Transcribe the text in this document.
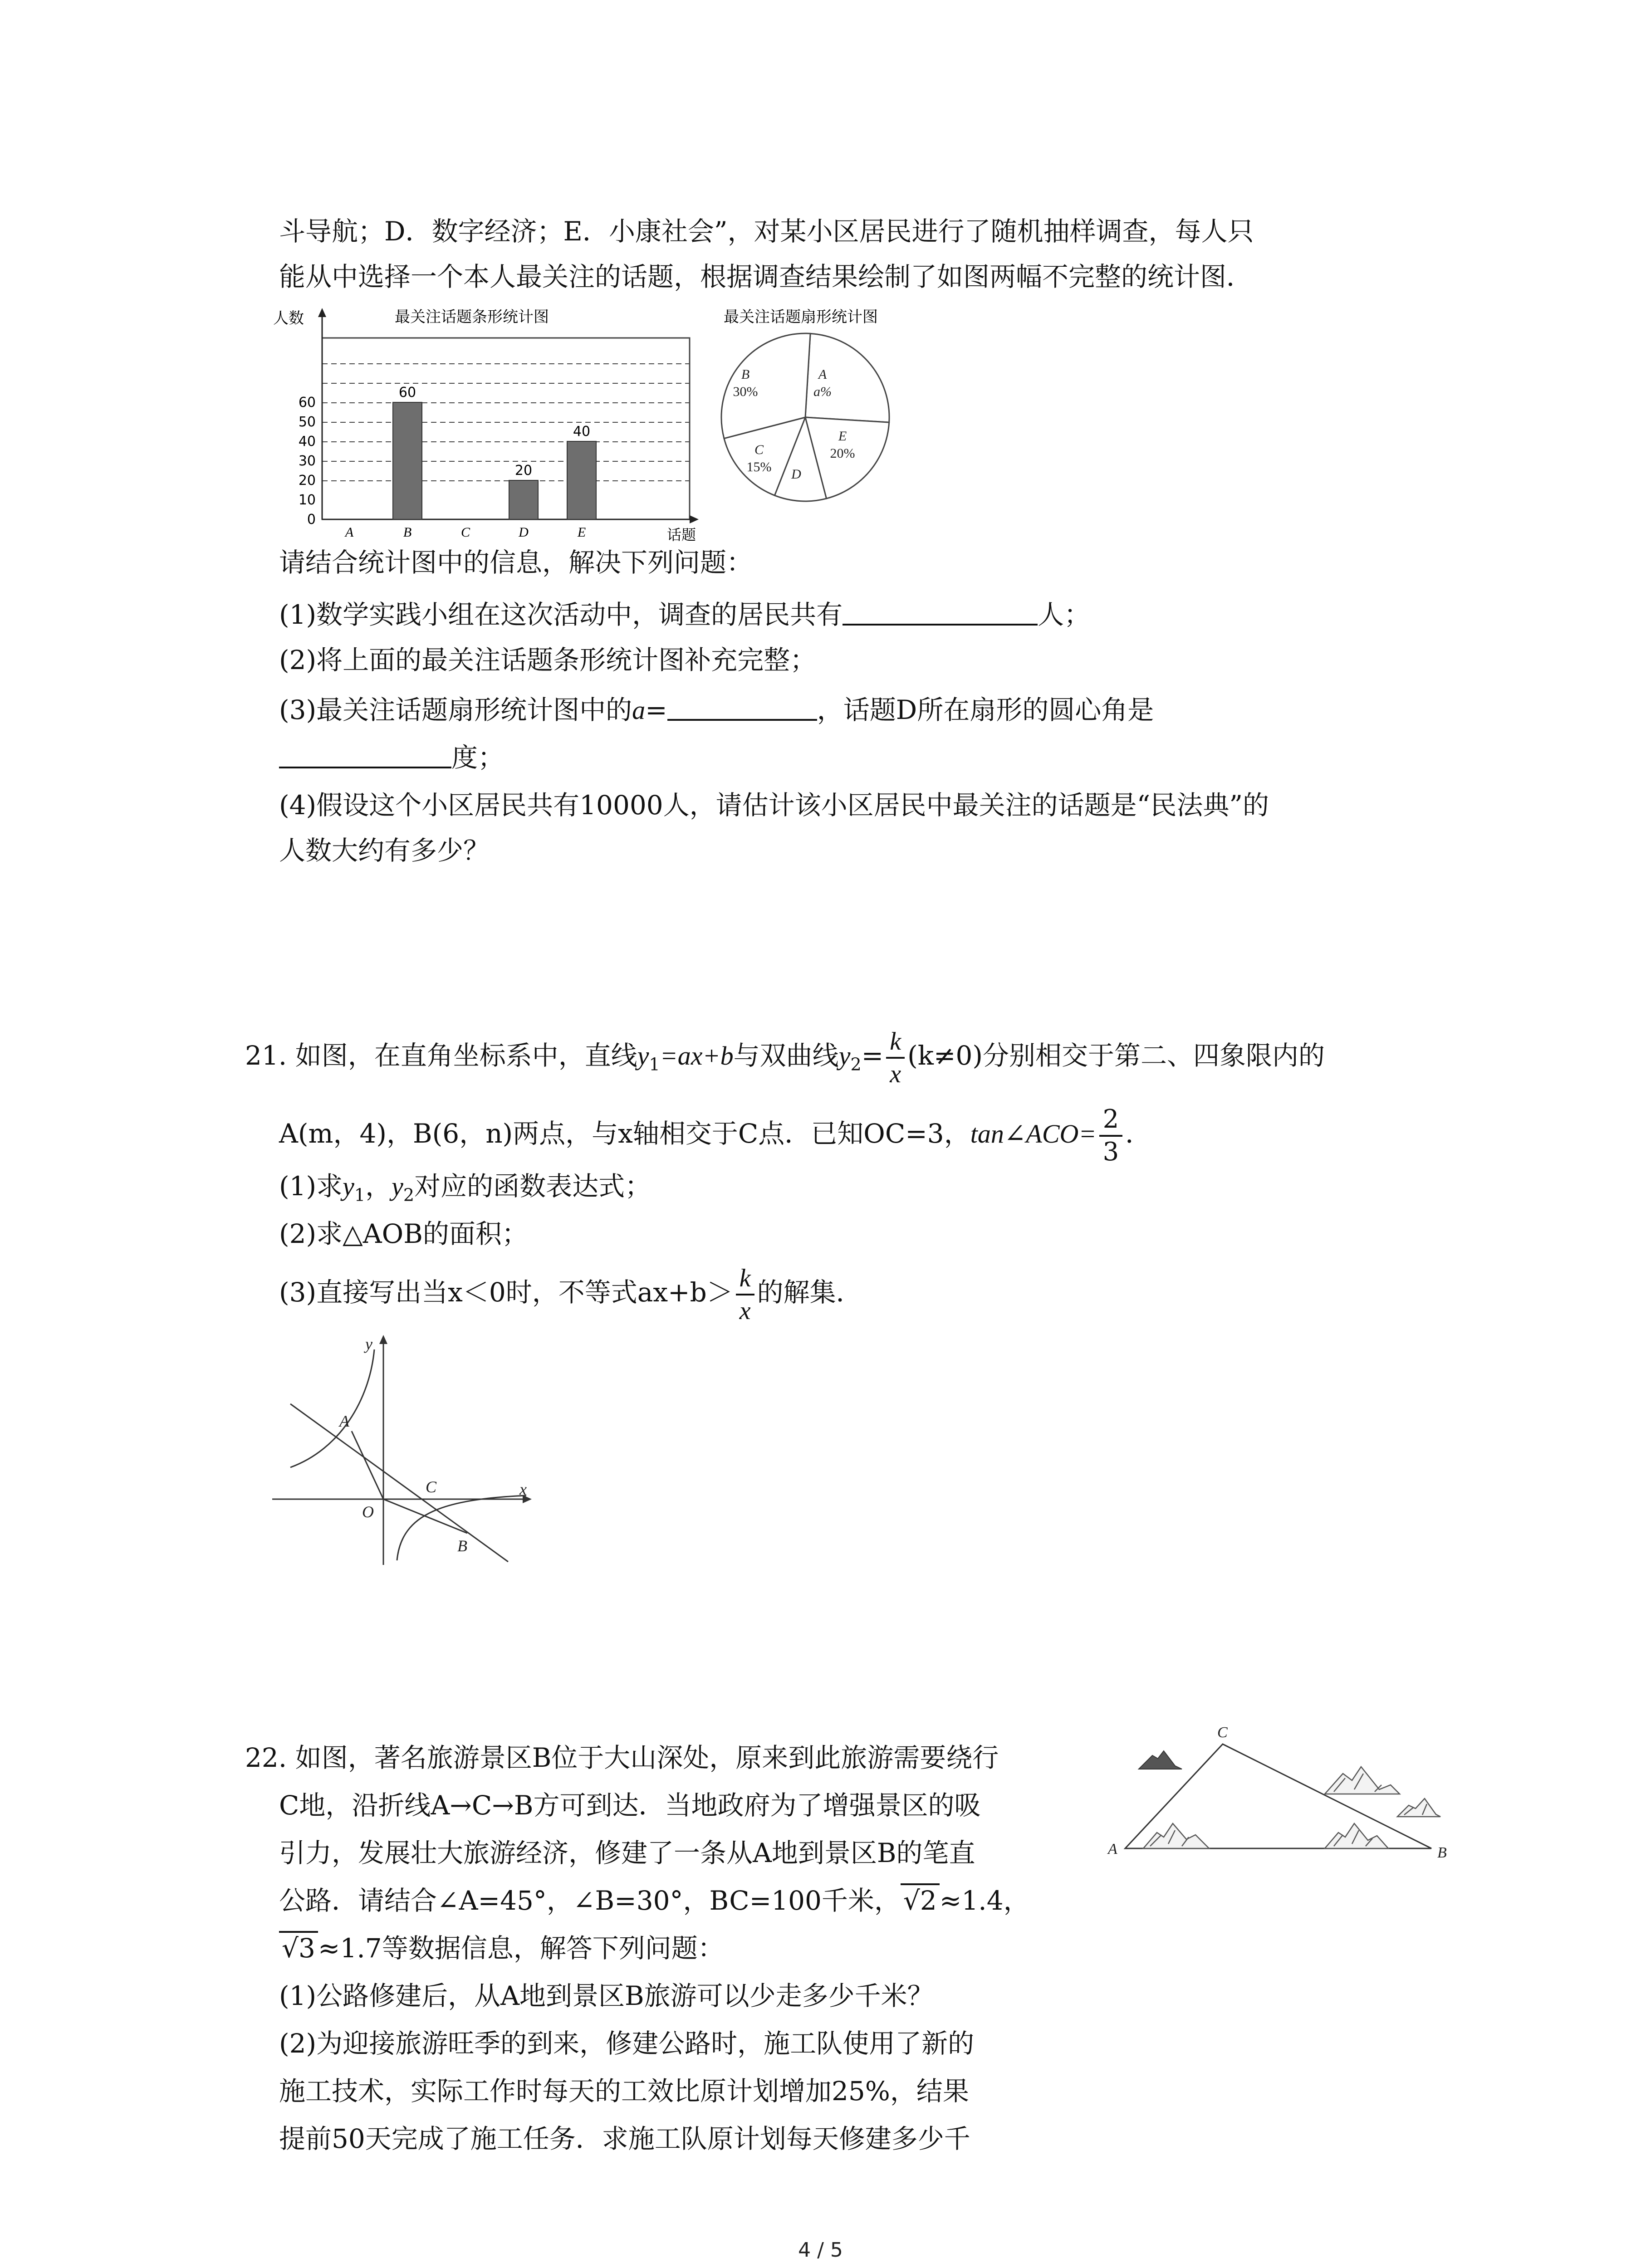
斗导航；D．数字经济；E．小康社会”，对某小区居民进行了随机抽样调查，每人只
能从中选择一个本人最关注的话题，根据调查结果绘制了如图两幅不完整的统计图．
最关注话题条形统计图
人数
0
10
20
30
40
50
60
A	B
60
C	D
20
E
40
话题
最关注话题扇形统计图
A
a%
B
30%
C
15% D
E
20%
请结合统计图中的信息，解决下列问题：
(1)数学实践小组在这次活动中，调查的居民共有	人；
(2)将上面的最关注话题条形统计图补充完整；
(3)最关注话题扇形统计图中的a=	，话题D所在扇形的圆心角是
度；
(4)假设这个小区居民共有10000人，请估计该小区居民中最关注的话题是“民法典”的
人数大约有多少？
21. 如图，在直角坐标系中，直线$y_1=ax+b$与双曲线$y_2= \frac{k}{x} (k\ne 0)$分别相交于第二、四象限内的
A(m，4)，B(6，n)两点，与x轴相交于C点．已知OC=3，tan∠ACO= $\frac{2}{3}$ ．
(1)求$y_1$，$y_2$对应的函数表达式；
(2)求△AOB的面积；
(3)直接写出当x＜0时，不等式$ax+b> \frac{k}{x}$ 的解集．
y
x
A
C
O
B
22. 如图，著名旅游景区B位于大山深处，原来到此旅游需要绕行
C地，沿折线A→C→B方可到达．当地政府为了增强景区的吸
引力，发展壮大旅游经济，修建了一条从A地到景区B的笔直
公路．请结合∠A=45°，∠B=30°，BC=100千米， √2 ≈1.4，
√3 ≈1.7等数据信息，解答下列问题：
(1)公路修建后，从A地到景区B旅游可以少走多少千米？
(2)为迎接旅游旺季的到来，修建公路时，施工队使用了新的
施工技术，实际工作时每天的工效比原计划增加25%，结果
提前50天完成了施工任务．求施工队原计划每天修建多少千
A
C
B
4 / 5
